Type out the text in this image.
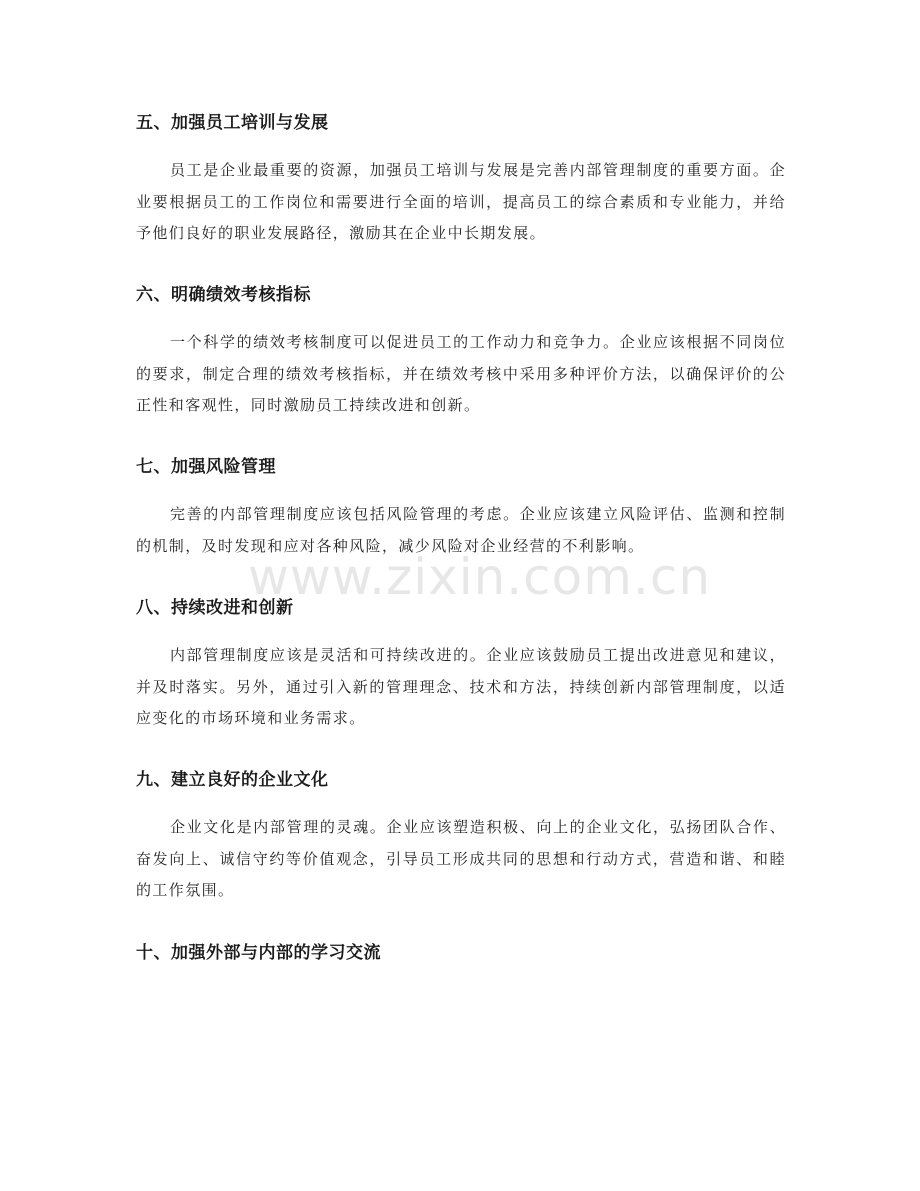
五、加强员工培训与发展

员工是企业最重要的资源，加强员工培训与发展是完善内部管理制度的重要方面。企业要根据员工的工作岗位和需要进行全面的培训，提高员工的综合素质和专业能力，并给予他们良好的职业发展路径，激励其在企业中长期发展。

六、明确绩效考核指标

一个科学的绩效考核制度可以促进员工的工作动力和竞争力。企业应该根据不同岗位的要求，制定合理的绩效考核指标，并在绩效考核中采用多种评价方法，以确保评价的公正性和客观性，同时激励员工持续改进和创新。

七、加强风险管理

完善的内部管理制度应该包括风险管理的考虑。企业应该建立风险评估、监测和控制的机制，及时发现和应对各种风险，减少风险对企业经营的不利影响。

八、持续改进和创新

内部管理制度应该是灵活和可持续改进的。企业应该鼓励员工提出改进意见和建议，并及时落实。另外，通过引入新的管理理念、技术和方法，持续创新内部管理制度，以适应变化的市场环境和业务需求。

九、建立良好的企业文化

企业文化是内部管理的灵魂。企业应该塑造积极、向上的企业文化，弘扬团队合作、奋发向上、诚信守约等价值观念，引导员工形成共同的思想和行动方式，营造和谐、和睦的工作氛围。

十、加强外部与内部的学习交流
www.zixin.com.cn
